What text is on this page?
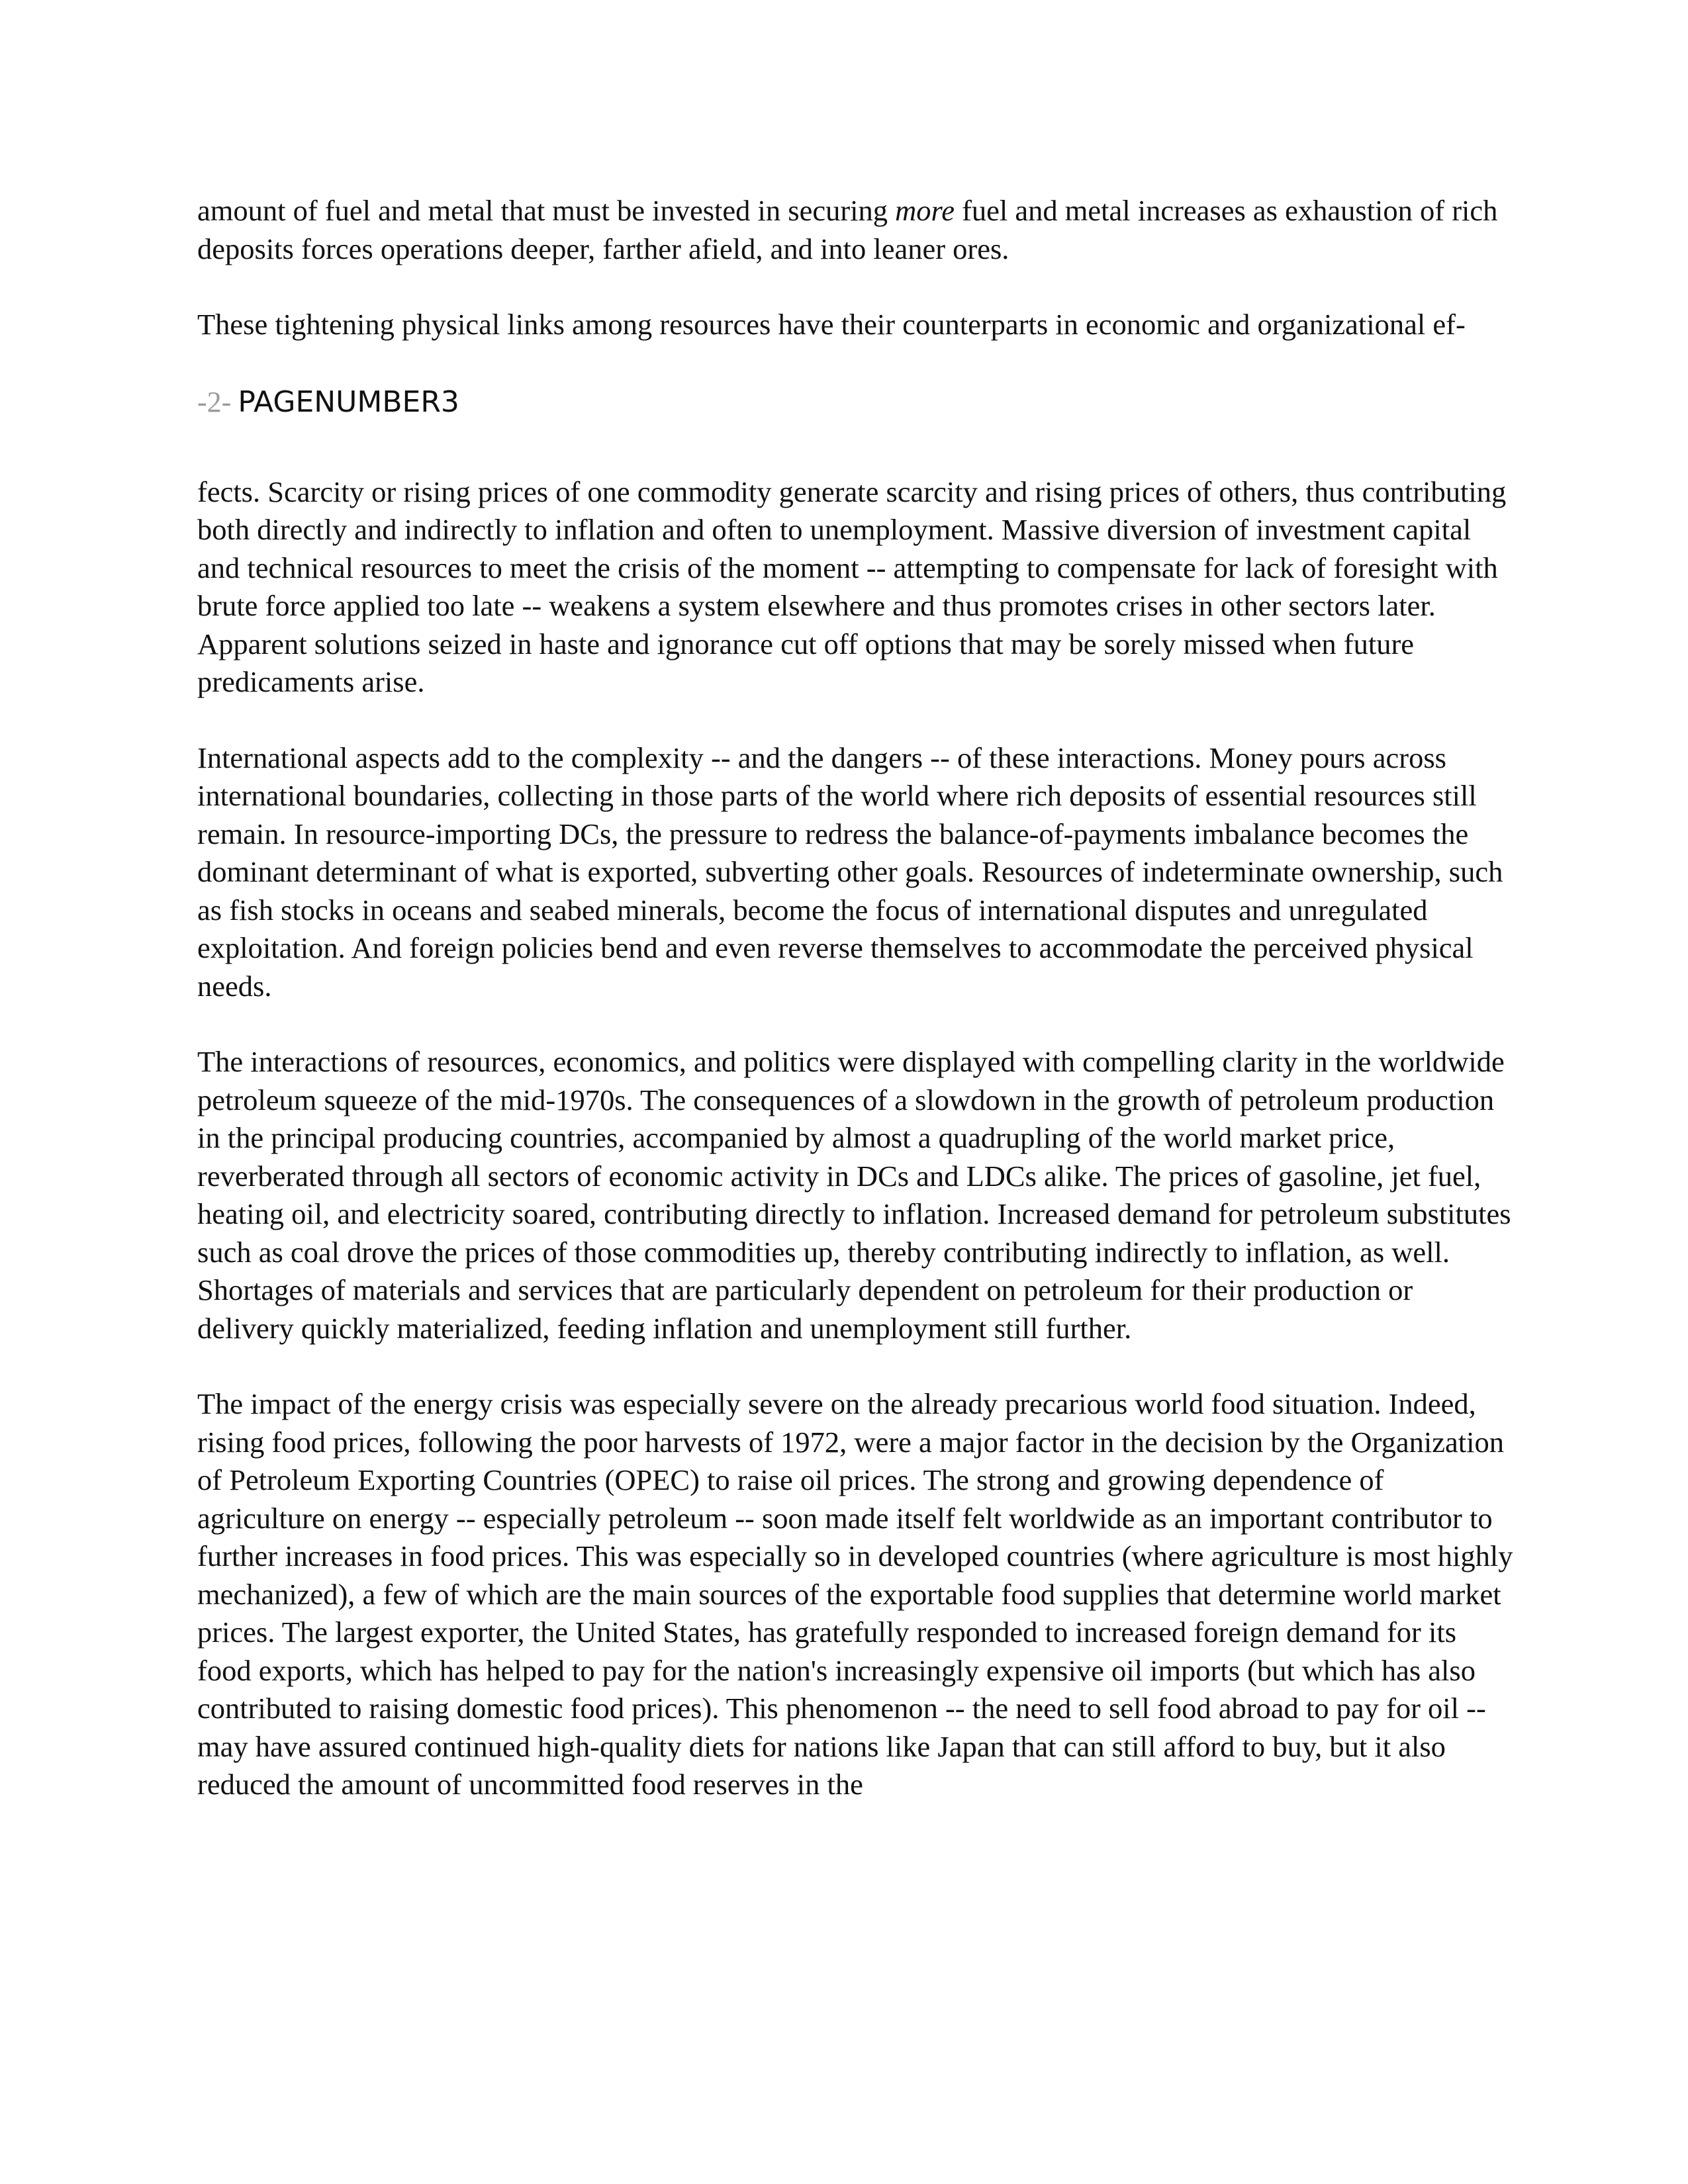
amount of fuel and metal that must be invested in securing more fuel and metal increases as exhaustion of rich deposits forces operations deeper, farther afield, and into leaner ores.

These tightening physical links among resources have their counterparts in economic and organizational ef-

-2- PAGENUMBER3

fects. Scarcity or rising prices of one commodity generate scarcity and rising prices of others, thus contributing both directly and indirectly to inflation and often to unemployment. Massive diversion of investment capital and technical resources to meet the crisis of the moment -- attempting to compensate for lack of foresight with brute force applied too late -- weakens a system elsewhere and thus promotes crises in other sectors later. Apparent solutions seized in haste and ignorance cut off options that may be sorely missed when future predicaments arise.

International aspects add to the complexity -- and the dangers -- of these interactions. Money pours across international boundaries, collecting in those parts of the world where rich deposits of essential resources still remain. In resource-importing DCs, the pressure to redress the balance-of-payments imbalance becomes the dominant determinant of what is exported, subverting other goals. Resources of indeterminate ownership, such as fish stocks in oceans and seabed minerals, become the focus of international disputes and unregulated exploitation. And foreign policies bend and even reverse themselves to accommodate the perceived physical needs.

The interactions of resources, economics, and politics were displayed with compelling clarity in the worldwide petroleum squeeze of the mid-1970s. The consequences of a slowdown in the growth of petroleum production in the principal producing countries, accompanied by almost a quadrupling of the world market price, reverberated through all sectors of economic activity in DCs and LDCs alike. The prices of gasoline, jet fuel, heating oil, and electricity soared, contributing directly to inflation. Increased demand for petroleum substitutes such as coal drove the prices of those commodities up, thereby contributing indirectly to inflation, as well. Shortages of materials and services that are particularly dependent on petroleum for their production or delivery quickly materialized, feeding inflation and unemployment still further.

The impact of the energy crisis was especially severe on the already precarious world food situation. Indeed, rising food prices, following the poor harvests of 1972, were a major factor in the decision by the Organization of Petroleum Exporting Countries (OPEC) to raise oil prices. The strong and growing dependence of agriculture on energy -- especially petroleum -- soon made itself felt worldwide as an important contributor to further increases in food prices. This was especially so in developed countries (where agriculture is most highly mechanized), a few of which are the main sources of the exportable food supplies that determine world market prices. The largest exporter, the United States, has gratefully responded to increased foreign demand for its food exports, which has helped to pay for the nation's increasingly expensive oil imports (but which has also contributed to raising domestic food prices). This phenomenon -- the need to sell food abroad to pay for oil -- may have assured continued high-quality diets for nations like Japan that can still afford to buy, but it also reduced the amount of uncommitted food reserves in the
